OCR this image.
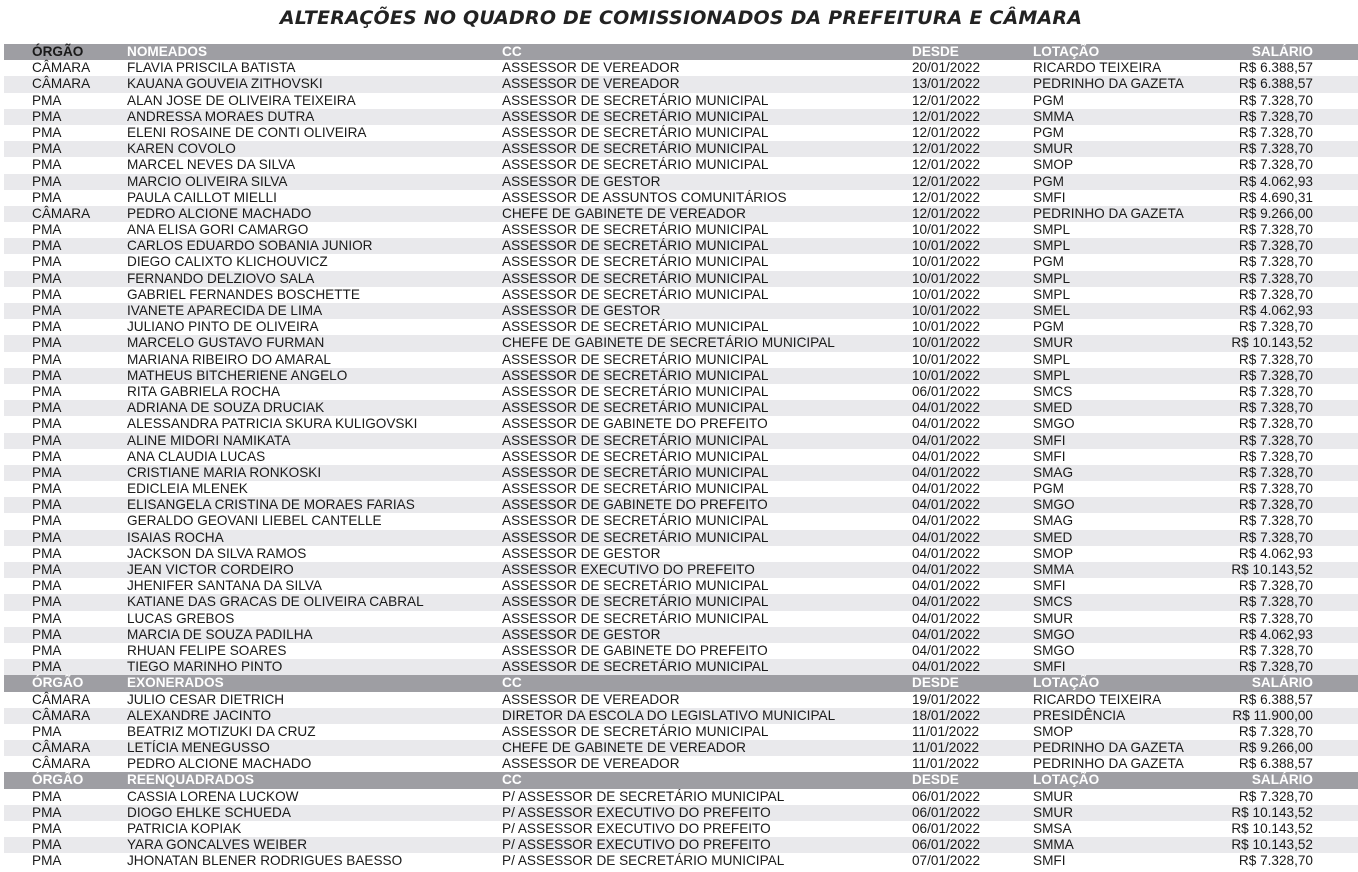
ALTERAÇÕES NO QUADRO DE COMISSIONADOS DA PREFEITURA E CÂMARA
ÓRGÃO	NOMEADOS	CC	DESDE	LOTAÇÃO	SALÁRIO
CÂMARA	FLAVIA PRISCILA BATISTA	ASSESSOR DE VEREADOR	20/01/2022	RICARDO TEIXEIRA	R$ 6.388,57
CÂMARA	KAUANA GOUVEIA ZITHOVSKI	ASSESSOR DE VEREADOR	13/01/2022	PEDRINHO DA GAZETA	R$ 6.388,57
PMA	ALAN JOSE DE OLIVEIRA TEIXEIRA	ASSESSOR DE SECRETÁRIO MUNICIPAL	12/01/2022	PGM	R$ 7.328,70
PMA	ANDRESSA MORAES DUTRA	ASSESSOR DE SECRETÁRIO MUNICIPAL	12/01/2022	SMMA	R$ 7.328,70
PMA	ELENI ROSAINE DE CONTI OLIVEIRA	ASSESSOR DE SECRETÁRIO MUNICIPAL	12/01/2022	PGM	R$ 7.328,70
PMA	KAREN COVOLO	ASSESSOR DE SECRETÁRIO MUNICIPAL	12/01/2022	SMUR	R$ 7.328,70
PMA	MARCEL NEVES DA SILVA	ASSESSOR DE SECRETÁRIO MUNICIPAL	12/01/2022	SMOP	R$ 7.328,70
PMA	MARCIO OLIVEIRA SILVA	ASSESSOR DE GESTOR	12/01/2022	PGM	R$ 4.062,93
PMA	PAULA CAILLOT MIELLI	ASSESSOR DE ASSUNTOS COMUNITÁRIOS	12/01/2022	SMFI	R$ 4.690,31
CÂMARA	PEDRO ALCIONE MACHADO	CHEFE DE GABINETE DE VEREADOR	12/01/2022	PEDRINHO DA GAZETA	R$ 9.266,00
PMA	ANA ELISA GORI CAMARGO	ASSESSOR DE SECRETÁRIO MUNICIPAL	10/01/2022	SMPL	R$ 7.328,70
PMA	CARLOS EDUARDO SOBANIA JUNIOR	ASSESSOR DE SECRETÁRIO MUNICIPAL	10/01/2022	SMPL	R$ 7.328,70
PMA	DIEGO CALIXTO KLICHOUVICZ	ASSESSOR DE SECRETÁRIO MUNICIPAL	10/01/2022	PGM	R$ 7.328,70
PMA	FERNANDO DELZIOVO SALA	ASSESSOR DE SECRETÁRIO MUNICIPAL	10/01/2022	SMPL	R$ 7.328,70
PMA	GABRIEL FERNANDES BOSCHETTE	ASSESSOR DE SECRETÁRIO MUNICIPAL	10/01/2022	SMPL	R$ 7.328,70
PMA	IVANETE APARECIDA DE LIMA	ASSESSOR DE GESTOR	10/01/2022	SMEL	R$ 4.062,93
PMA	JULIANO PINTO DE OLIVEIRA	ASSESSOR DE SECRETÁRIO MUNICIPAL	10/01/2022	PGM	R$ 7.328,70
PMA	MARCELO GUSTAVO FURMAN	CHEFE DE GABINETE DE SECRETÁRIO MUNICIPAL	10/01/2022	SMUR	R$ 10.143,52
PMA	MARIANA RIBEIRO DO AMARAL	ASSESSOR DE SECRETÁRIO MUNICIPAL	10/01/2022	SMPL	R$ 7.328,70
PMA	MATHEUS BITCHERIENE ANGELO	ASSESSOR DE SECRETÁRIO MUNICIPAL	10/01/2022	SMPL	R$ 7.328,70
PMA	RITA GABRIELA ROCHA	ASSESSOR DE SECRETÁRIO MUNICIPAL	06/01/2022	SMCS	R$ 7.328,70
PMA	ADRIANA DE SOUZA DRUCIAK	ASSESSOR DE SECRETÁRIO MUNICIPAL	04/01/2022	SMED	R$ 7.328,70
PMA	ALESSANDRA PATRICIA SKURA KULIGOVSKI	ASSESSOR DE GABINETE DO PREFEITO	04/01/2022	SMGO	R$ 7.328,70
PMA	ALINE MIDORI NAMIKATA	ASSESSOR DE SECRETÁRIO MUNICIPAL	04/01/2022	SMFI	R$ 7.328,70
PMA	ANA CLAUDIA LUCAS	ASSESSOR DE SECRETÁRIO MUNICIPAL	04/01/2022	SMFI	R$ 7.328,70
PMA	CRISTIANE MARIA RONKOSKI	ASSESSOR DE SECRETÁRIO MUNICIPAL	04/01/2022	SMAG	R$ 7.328,70
PMA	EDICLEIA MLENEK	ASSESSOR DE SECRETÁRIO MUNICIPAL	04/01/2022	PGM	R$ 7.328,70
PMA	ELISANGELA CRISTINA DE MORAES FARIAS	ASSESSOR DE GABINETE DO PREFEITO	04/01/2022	SMGO	R$ 7.328,70
PMA	GERALDO GEOVANI LIEBEL CANTELLE	ASSESSOR DE SECRETÁRIO MUNICIPAL	04/01/2022	SMAG	R$ 7.328,70
PMA	ISAIAS ROCHA	ASSESSOR DE SECRETÁRIO MUNICIPAL	04/01/2022	SMED	R$ 7.328,70
PMA	JACKSON DA SILVA RAMOS	ASSESSOR DE GESTOR	04/01/2022	SMOP	R$ 4.062,93
PMA	JEAN VICTOR CORDEIRO	ASSESSOR EXECUTIVO DO PREFEITO	04/01/2022	SMMA	R$ 10.143,52
PMA	JHENIFER SANTANA DA SILVA	ASSESSOR DE SECRETÁRIO MUNICIPAL	04/01/2022	SMFI	R$ 7.328,70
PMA	KATIANE DAS GRACAS DE OLIVEIRA CABRAL	ASSESSOR DE SECRETÁRIO MUNICIPAL	04/01/2022	SMCS	R$ 7.328,70
PMA	LUCAS GREBOS	ASSESSOR DE SECRETÁRIO MUNICIPAL	04/01/2022	SMUR	R$ 7.328,70
PMA	MARCIA DE SOUZA PADILHA	ASSESSOR DE GESTOR	04/01/2022	SMGO	R$ 4.062,93
PMA	RHUAN FELIPE SOARES	ASSESSOR DE GABINETE DO PREFEITO	04/01/2022	SMGO	R$ 7.328,70
PMA	TIEGO MARINHO PINTO	ASSESSOR DE SECRETÁRIO MUNICIPAL	04/01/2022	SMFI	R$ 7.328,70
ÓRGÃO	EXONERADOS	CC	DESDE	LOTAÇÃO	SALÁRIO
CÂMARA	JULIO CESAR DIETRICH	ASSESSOR DE VEREADOR	19/01/2022	RICARDO TEIXEIRA	R$ 6.388,57
CÂMARA	ALEXANDRE JACINTO	DIRETOR DA ESCOLA DO LEGISLATIVO MUNICIPAL	18/01/2022	PRESIDÊNCIA	R$ 11.900,00
PMA	BEATRIZ MOTIZUKI DA CRUZ	ASSESSOR DE SECRETÁRIO MUNICIPAL	11/01/2022	SMOP	R$ 7.328,70
CÂMARA	LETÍCIA MENEGUSSO	CHEFE DE GABINETE DE VEREADOR	11/01/2022	PEDRINHO DA GAZETA	R$ 9.266,00
CÂMARA	PEDRO ALCIONE MACHADO	ASSESSOR DE VEREADOR	11/01/2022	PEDRINHO DA GAZETA	R$ 6.388,57
ÓRGÃO	REENQUADRADOS	CC	DESDE	LOTAÇÃO	SALÁRIO
PMA	CASSIA LORENA LUCKOW	P/ ASSESSOR DE SECRETÁRIO MUNICIPAL	06/01/2022	SMUR	R$ 7.328,70
PMA	DIOGO EHLKE SCHUEDA	P/ ASSESSOR EXECUTIVO DO PREFEITO	06/01/2022	SMUR	R$ 10.143,52
PMA	PATRICIA KOPIAK	P/ ASSESSOR EXECUTIVO DO PREFEITO	06/01/2022	SMSA	R$ 10.143,52
PMA	YARA GONCALVES WEIBER	P/ ASSESSOR EXECUTIVO DO PREFEITO	06/01/2022	SMMA	R$ 10.143,52
PMA	JHONATAN BLENER RODRIGUES BAESSO	P/ ASSESSOR DE SECRETÁRIO MUNICIPAL	07/01/2022	SMFI	R$ 7.328,70
